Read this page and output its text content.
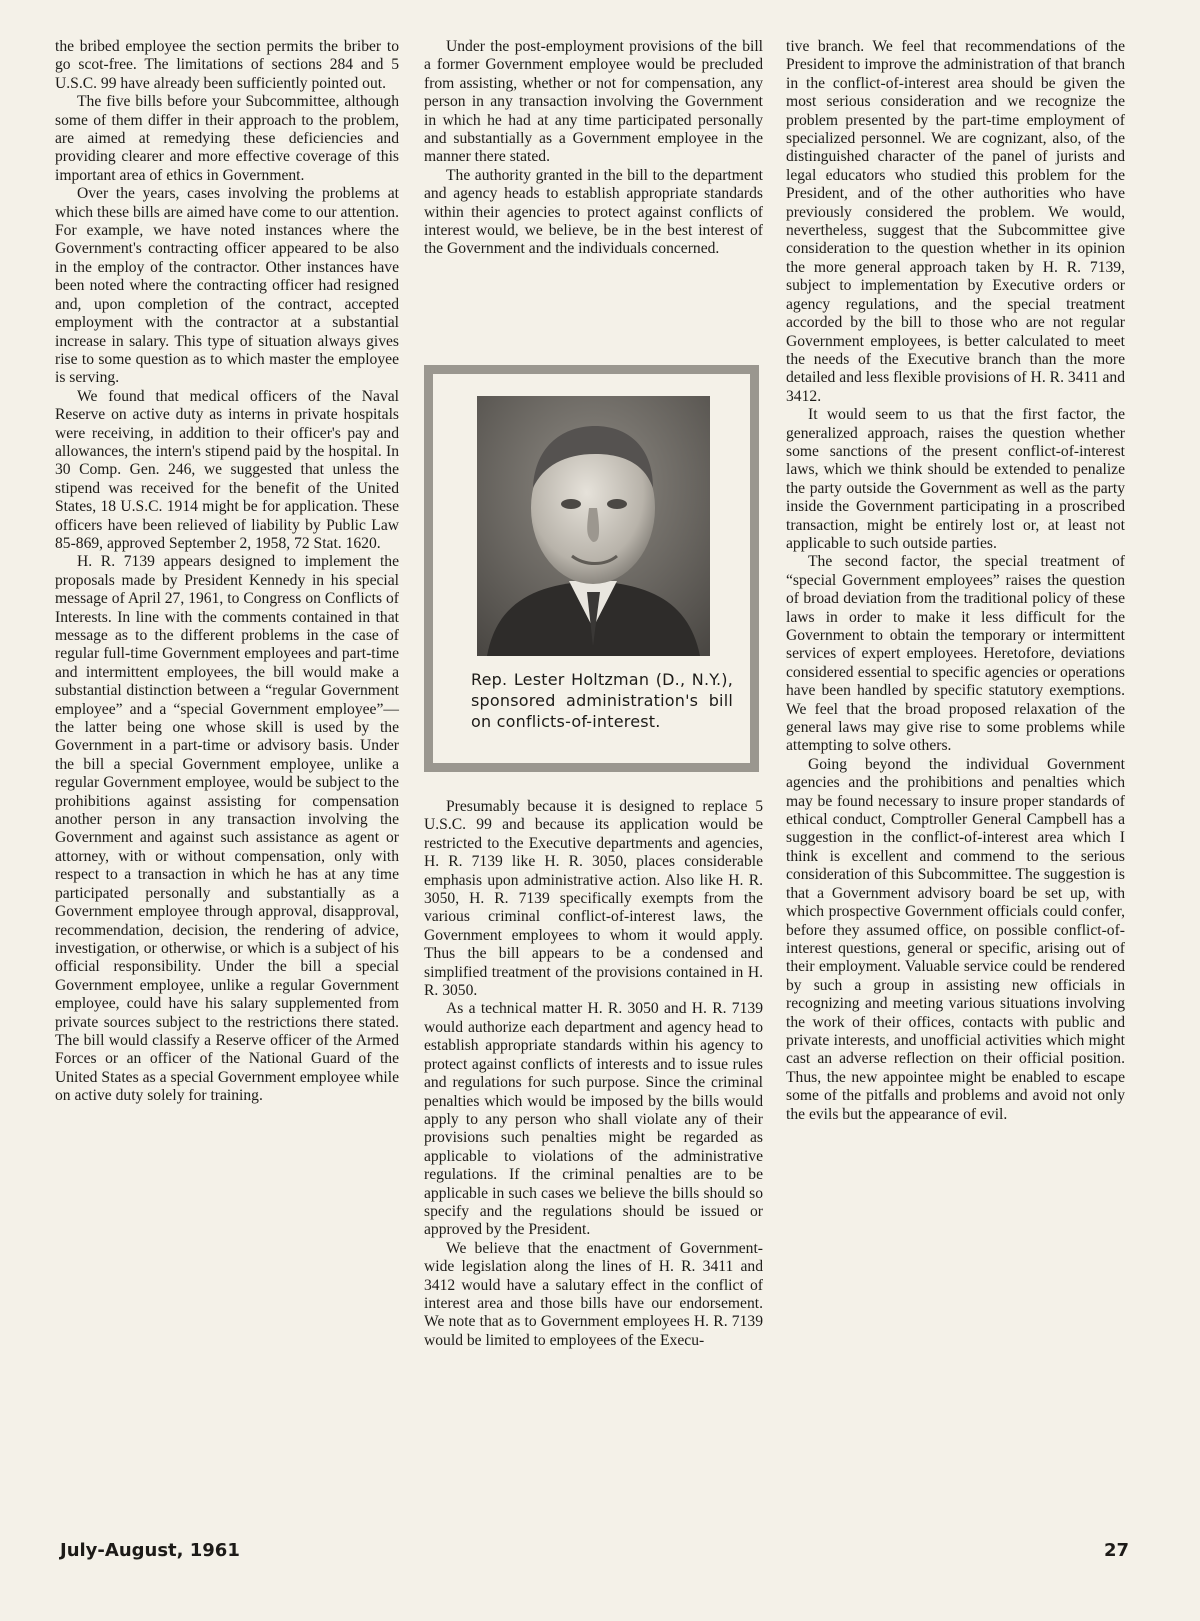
the bribed employee the section permits the briber to go scot-free. The limitations of sections 284 and 5 U.S.C. 99 have already been sufficiently pointed out.

The five bills before your Subcommittee, although some of them differ in their approach to the problem, are aimed at remedying these deficiencies and providing clearer and more effective coverage of this important area of ethics in Government.

Over the years, cases involving the problems at which these bills are aimed have come to our attention. For example, we have noted instances where the Government's contracting officer appeared to be also in the employ of the contractor. Other instances have been noted where the contracting officer had resigned and, upon completion of the contract, accepted employment with the contractor at a substantial increase in salary. This type of situation always gives rise to some question as to which master the employee is serving.

We found that medical officers of the Naval Reserve on active duty as interns in private hospitals were receiving, in addition to their officer's pay and allowances, the intern's stipend paid by the hospital. In 30 Comp. Gen. 246, we suggested that unless the stipend was received for the benefit of the United States, 18 U.S.C. 1914 might be for application. These officers have been relieved of liability by Public Law 85-869, approved September 2, 1958, 72 Stat. 1620.

H. R. 7139 appears designed to implement the proposals made by President Kennedy in his special message of April 27, 1961, to Congress on Conflicts of Interests. In line with the comments contained in that message as to the different problems in the case of regular full-time Government employees and part-time and intermittent employees, the bill would make a substantial distinction between a “regular Government employee” and a “special Government employee”—the latter being one whose skill is used by the Government in a part-time or advisory basis. Under the bill a special Government employee, unlike a regular Government employee, would be subject to the prohibitions against assisting for compensation another person in any transaction involving the Government and against such assistance as agent or attorney, with or without compensation, only with respect to a transaction in which he has at any time participated personally and substantially as a Government employee through approval, disapproval, recommendation, decision, the rendering of advice, investigation, or otherwise, or which is a subject of his official responsibility. Under the bill a special Government employee, unlike a regular Government employee, could have his salary supplemented from private sources subject to the restrictions there stated. The bill would classify a Reserve officer of the Armed Forces or an officer of the National Guard of the United States as a special Government employee while on active duty solely for training.

Under the post-employment provisions of the bill a former Government employee would be precluded from assisting, whether or not for compensation, any person in any transaction involving the Government in which he had at any time participated personally and substantially as a Government employee in the manner there stated.

The authority granted in the bill to the department and agency heads to establish appropriate standards within their agencies to protect against conflicts of interest would, we believe, be in the best interest of the Government and the individuals concerned.

Presumably because it is designed to replace 5 U.S.C. 99 and because its application would be restricted to the Executive departments and agencies, H. R. 7139 like H. R. 3050, places considerable emphasis upon administrative action. Also like H. R. 3050, H. R. 7139 specifically exempts from the various criminal conflict-of-interest laws, the Government employees to whom it would apply. Thus the bill appears to be a condensed and simplified treatment of the provisions contained in H. R. 3050.

As a technical matter H. R. 3050 and H. R. 7139 would authorize each department and agency head to establish appropriate standards within his agency to protect against conflicts of interests and to issue rules and regulations for such purpose. Since the criminal penalties which would be imposed by the bills would apply to any person who shall violate any of their provisions such penalties might be regarded as applicable to violations of the administrative regulations. If the criminal penalties are to be applicable in such cases we believe the bills should so specify and the regulations should be issued or approved by the President.

We believe that the enactment of Government-wide legislation along the lines of H. R. 3411 and 3412 would have a salutary effect in the conflict of interest area and those bills have our endorsement. We note that as to Government employees H. R. 7139 would be limited to employees of the Execu-

Rep. Lester Holtzman (D., N.Y.), sponsored administration's bill on conflicts-of-interest.

tive branch. We feel that recommendations of the President to improve the administration of that branch in the conflict-of-interest area should be given the most serious consideration and we recognize the problem presented by the part-time employment of specialized personnel. We are cognizant, also, of the distinguished character of the panel of jurists and legal educators who studied this problem for the President, and of the other authorities who have previously considered the problem. We would, nevertheless, suggest that the Subcommittee give consideration to the question whether in its opinion the more general approach taken by H. R. 7139, subject to implementation by Executive orders or agency regulations, and the special treatment accorded by the bill to those who are not regular Government employees, is better calculated to meet the needs of the Executive branch than the more detailed and less flexible provisions of H. R. 3411 and 3412.

It would seem to us that the first factor, the generalized approach, raises the question whether some sanctions of the present conflict-of-interest laws, which we think should be extended to penalize the party outside the Government as well as the party inside the Government participating in a proscribed transaction, might be entirely lost or, at least not applicable to such outside parties.

The second factor, the special treatment of “special Government employees” raises the question of broad deviation from the traditional policy of these laws in order to make it less difficult for the Government to obtain the temporary or intermittent services of expert employees. Heretofore, deviations considered essential to specific agencies or operations have been handled by specific statutory exemptions. We feel that the broad proposed relaxation of the general laws may give rise to some problems while attempting to solve others.

Going beyond the individual Government agencies and the prohibitions and penalties which may be found necessary to insure proper standards of ethical conduct, Comptroller General Campbell has a suggestion in the conflict-of-interest area which I think is excellent and commend to the serious consideration of this Subcommittee. The suggestion is that a Government advisory board be set up, with which prospective Government officials could confer, before they assumed office, on possible conflict-of-interest questions, general or specific, arising out of their employment. Valuable service could be rendered by such a group in assisting new officials in recognizing and meeting various situations involving the work of their offices, contacts with public and private interests, and unofficial activities which might cast an adverse reflection on their official position. Thus, the new appointee might be enabled to escape some of the pitfalls and problems and avoid not only the evils but the appearance of evil.

July-August, 1961	27
